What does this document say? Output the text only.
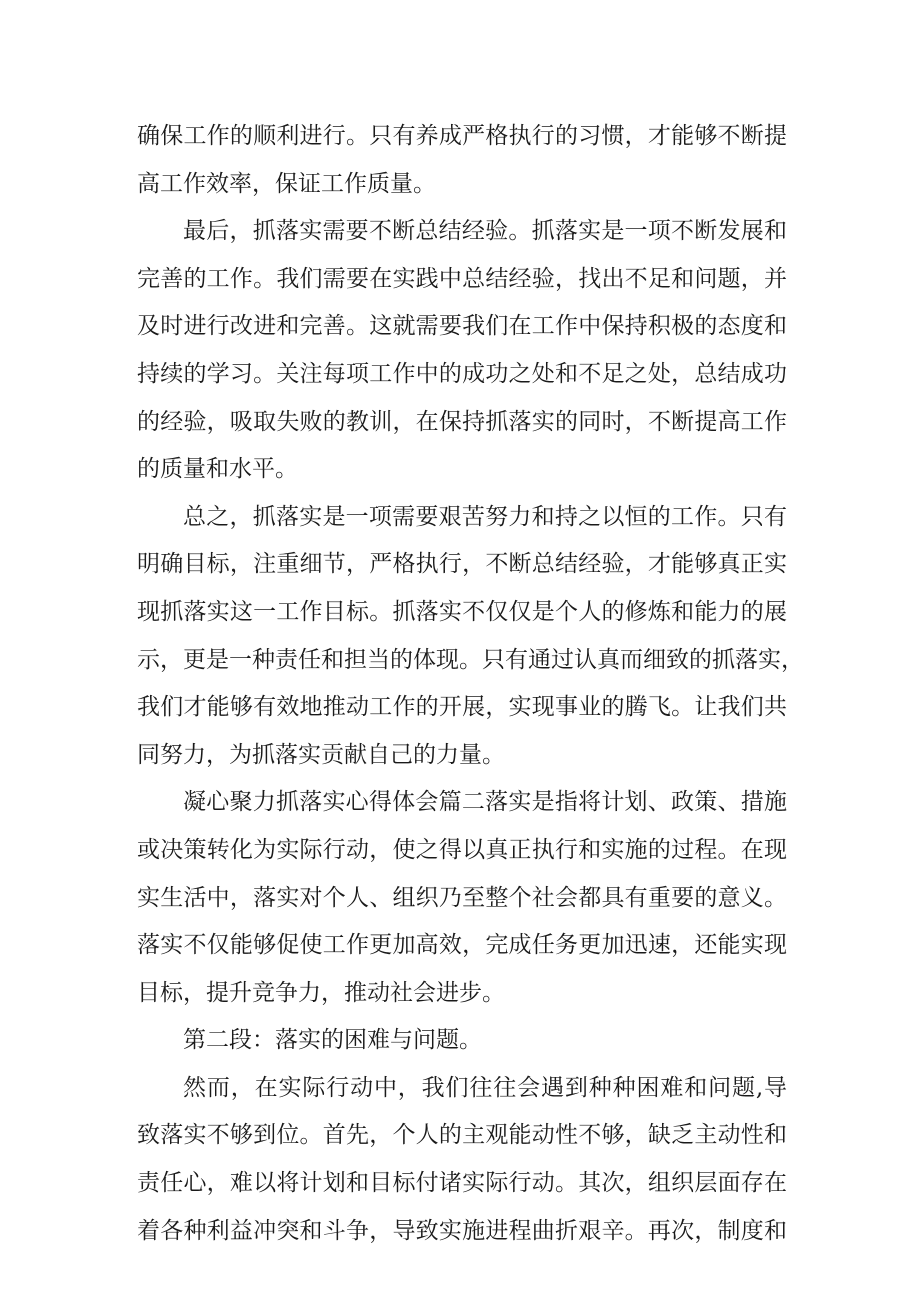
确保工作的顺利进行。只有养成严格执行的习惯，才能够不断提
高工作效率，保证工作质量。
最后，抓落实需要不断总结经验。抓落实是一项不断发展和
完善的工作。我们需要在实践中总结经验，找出不足和问题，并
及时进行改进和完善。这就需要我们在工作中保持积极的态度和
持续的学习。关注每项工作中的成功之处和不足之处，总结成功
的经验，吸取失败的教训，在保持抓落实的同时，不断提高工作
的质量和水平。
总之，抓落实是一项需要艰苦努力和持之以恒的工作。只有
明确目标，注重细节，严格执行，不断总结经验，才能够真正实
现抓落实这一工作目标。抓落实不仅仅是个人的修炼和能力的展
示，更是一种责任和担当的体现。只有通过认真而细致的抓落实，
我们才能够有效地推动工作的开展，实现事业的腾飞。让我们共
同努力，为抓落实贡献自己的力量。
凝心聚力抓落实心得体会篇二落实是指将计划、政策、措施
或决策转化为实际行动，使之得以真正执行和实施的过程。在现
实生活中，落实对个人、组织乃至整个社会都具有重要的意义。
落实不仅能够促使工作更加高效，完成任务更加迅速，还能实现
目标，提升竞争力，推动社会进步。
第二段：落实的困难与问题。
然而，在实际行动中，我们往往会遇到种种困难和问题,导
致落实不够到位。首先，个人的主观能动性不够，缺乏主动性和
责任心，难以将计划和目标付诸实际行动。其次，组织层面存在
着各种利益冲突和斗争，导致实施进程曲折艰辛。再次，制度和
